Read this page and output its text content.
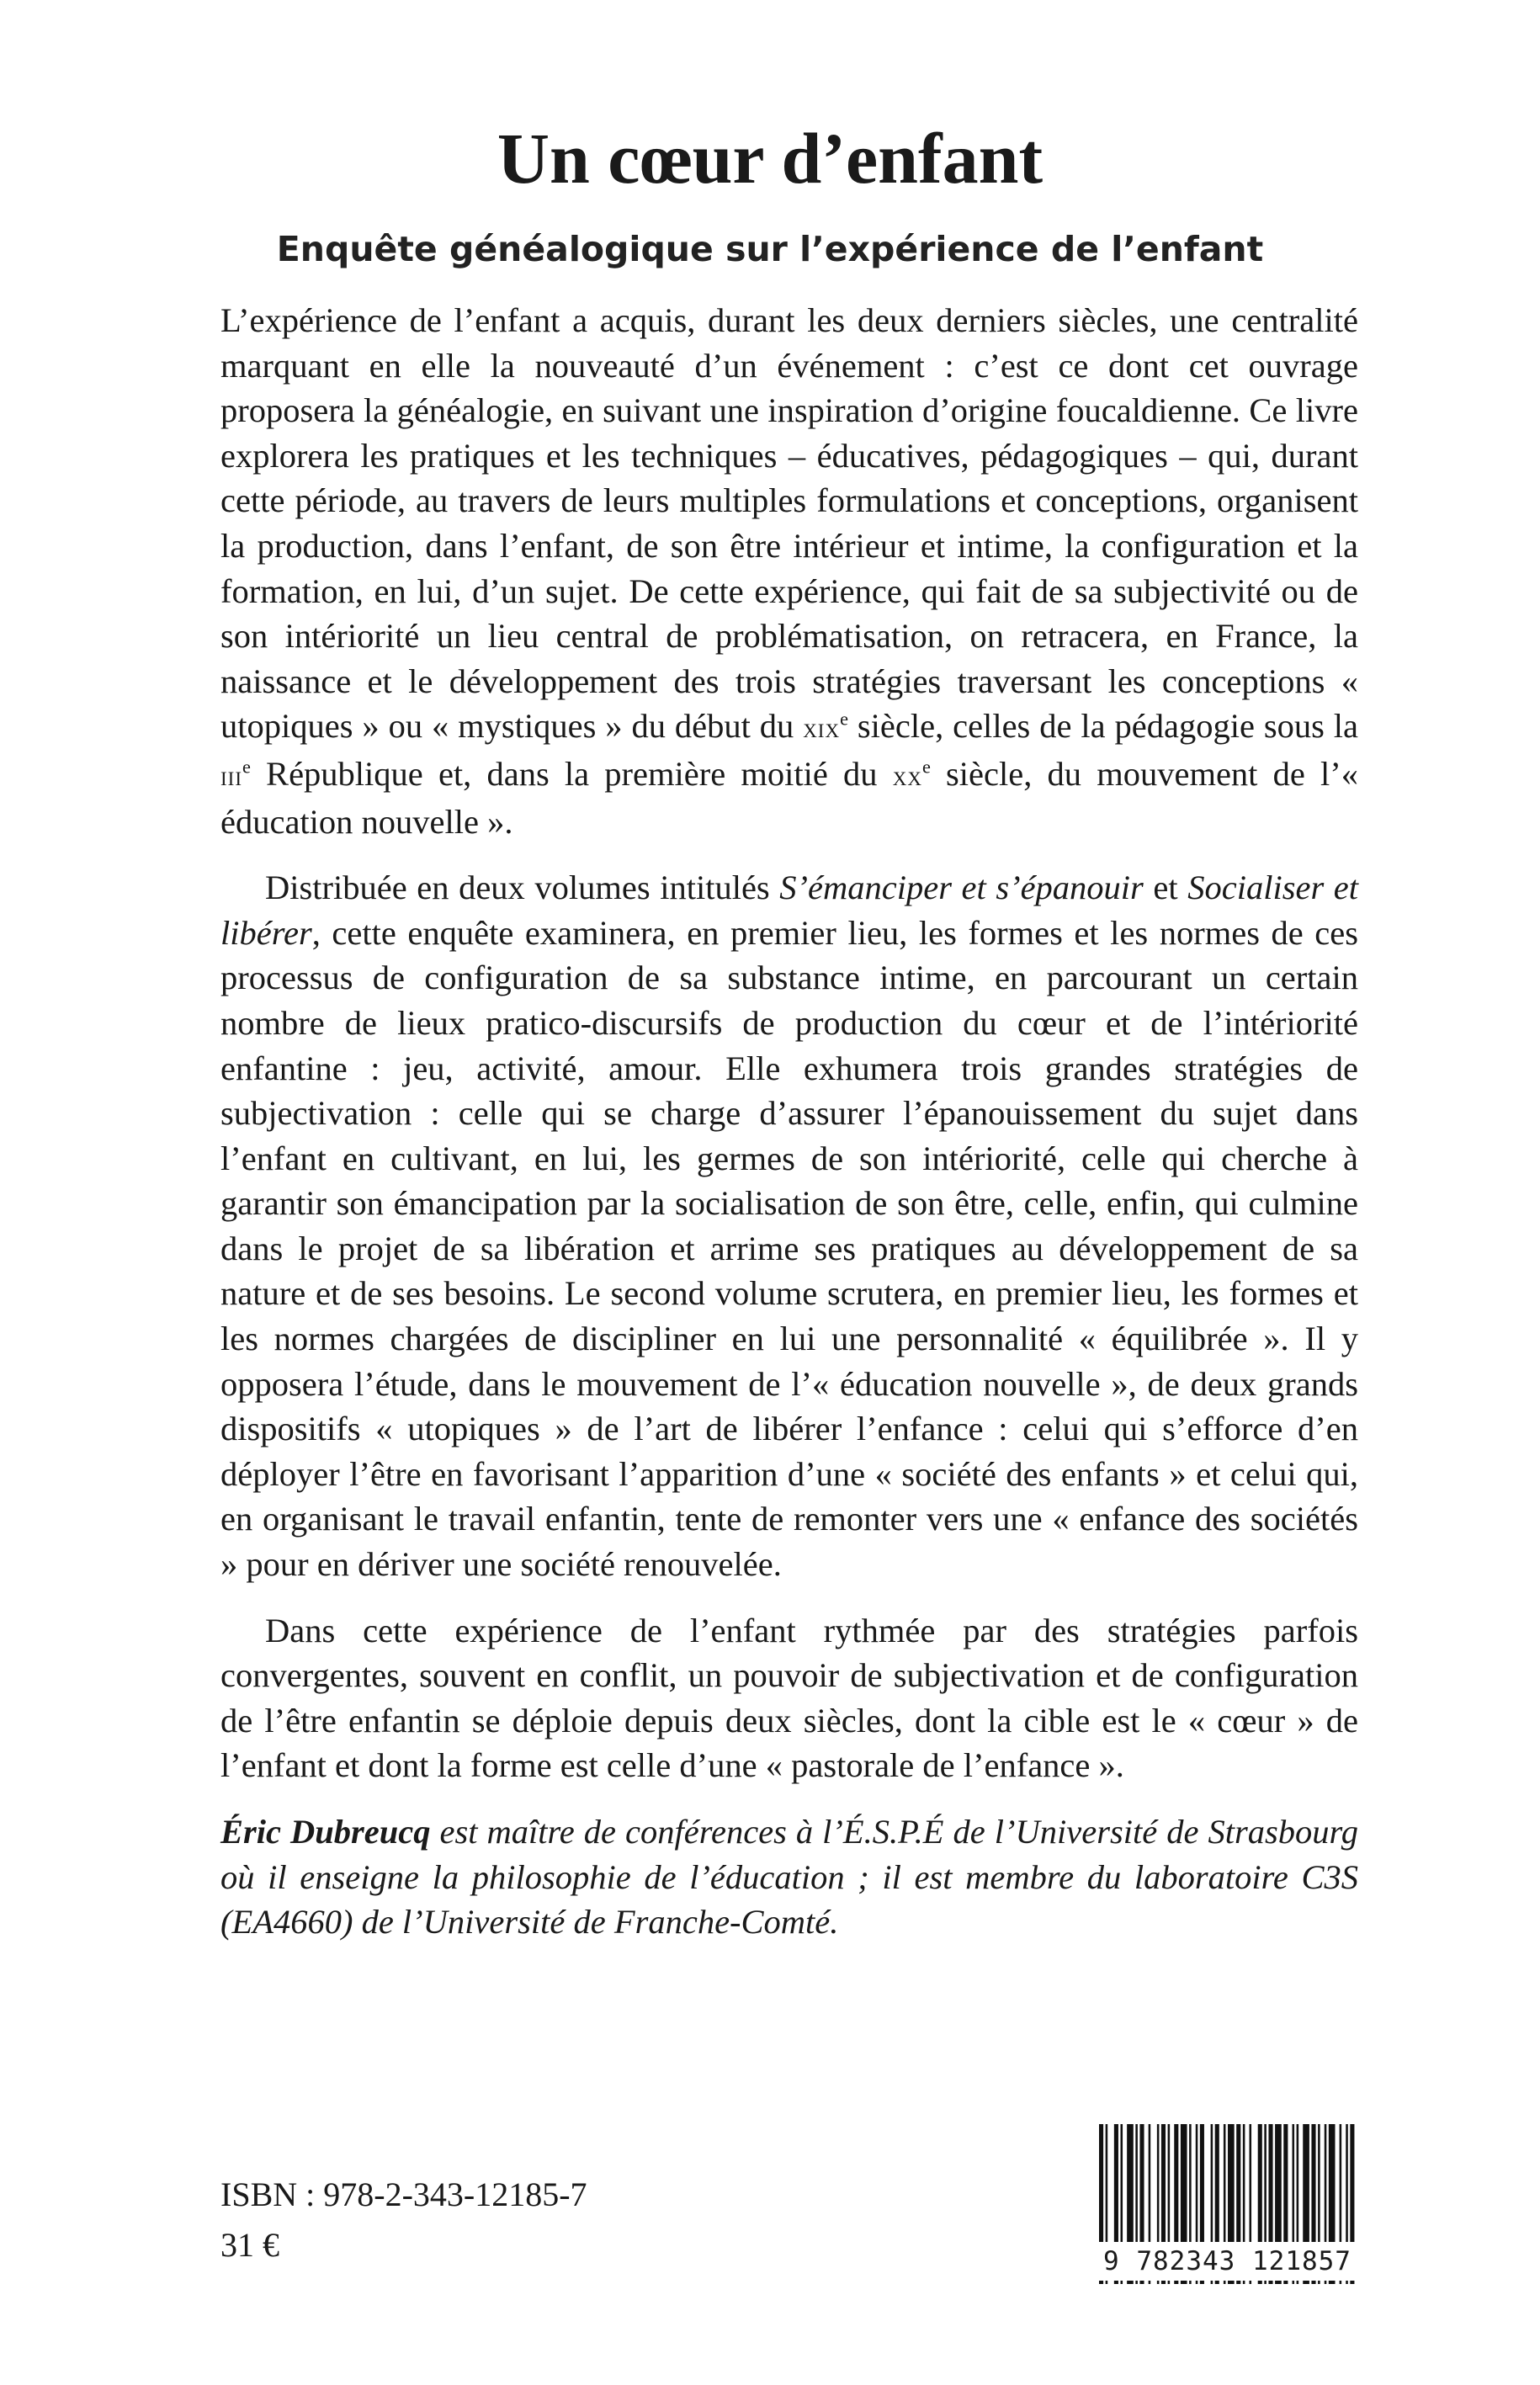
Un cœur d’enfant
Enquête généalogique sur l’expérience de l’enfant

L’expérience de l’enfant a acquis, durant les deux derniers siècles, une centralité marquant en elle la nouveauté d’un événement : c’est ce dont cet ouvrage proposera la généalogie, en suivant une inspiration d’origine foucaldienne. Ce livre explorera les pratiques et les techniques – éducatives, pédagogiques – qui, durant cette période, au travers de leurs multiples formulations et conceptions, organisent la production, dans l’enfant, de son être intérieur et intime, la configuration et la formation, en lui, d’un sujet. De cette expérience, qui fait de sa subjectivité ou de son intériorité un lieu central de problématisation, on retracera, en France, la naissance et le développement des trois stratégies traversant les conceptions « utopiques » ou « mystiques » du début du xix$^e$ siècle, celles de la pédagogie sous la iii$^e$ République et, dans la première moitié du $xx^e$ siècle, du mouvement de l’« éducation nouvelle ».

Distribuée en deux volumes intitulés S’émanciper et s’épanouir et Socialiser et libérer, cette enquête examinera, en premier lieu, les formes et les normes de ces processus de configuration de sa substance intime, en parcourant un certain nombre de lieux pratico-discursifs de production du cœur et de l’intériorité enfantine : jeu, activité, amour. Elle exhumera trois grandes stratégies de subjectivation : celle qui se charge d’assurer l’épanouissement du sujet dans l’enfant en cultivant, en lui, les germes de son intériorité, celle qui cherche à garantir son émancipation par la socialisation de son être, celle, enfin, qui culmine dans le projet de sa libération et arrime ses pratiques au développement de sa nature et de ses besoins. Le second volume scrutera, en premier lieu, les formes et les normes chargées de discipliner en lui une personnalité « équilibrée ». Il y opposera l’étude, dans le mouvement de l’« éducation nouvelle », de deux grands dispositifs « utopiques » de l’art de libérer l’enfance : celui qui s’efforce d’en déployer l’être en favorisant l’apparition d’une « société des enfants » et celui qui, en organisant le travail enfantin, tente de remonter vers une « enfance des sociétés » pour en dériver une société renouvelée.

Dans cette expérience de l’enfant rythmée par des stratégies parfois convergentes, souvent en conflit, un pouvoir de subjectivation et de configuration de l’être enfantin se déploie depuis deux siècles, dont la cible est le « cœur » de l’enfant et dont la forme est celle d’une « pastorale de l’enfance ».

Éric Dubreucq est maître de conférences à l’É.S.P.É de l’Université de Strasbourg où il enseigne la philosophie de l’éducation ; il est membre du laboratoire C3S (EA4660) de l’Université de Franche-Comté.

ISBN : 978-2-343-12185-7
31 €	9 782343 121857
